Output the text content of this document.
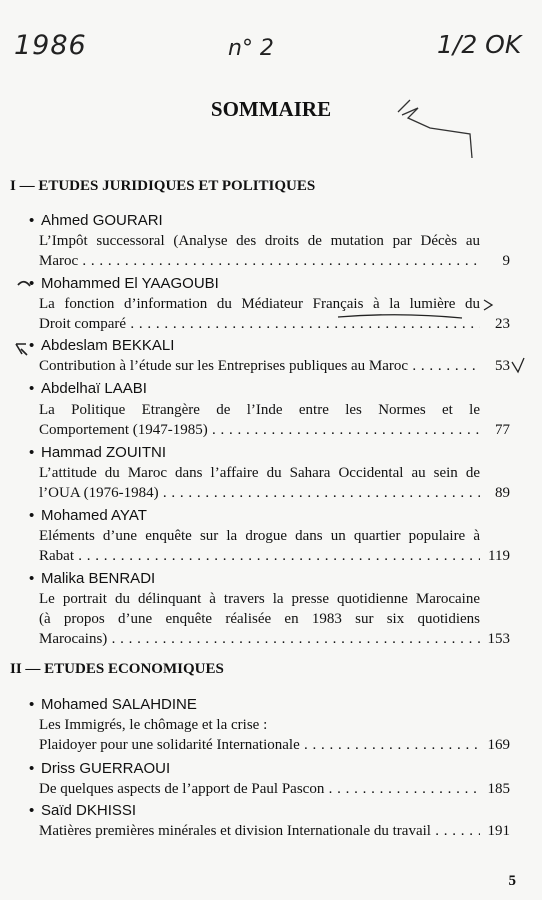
1986	n° 2	1/2 OK
SOMMAIRE
I — ETUDES JURIDIQUES ET POLITIQUES
• Ahmed GOURARI
L’Impôt successoral (Analyse des droits de mutation par Décès au
Maroc . . .	9
• Mohammed El YAAGOUBI
La fonction d’information du Médiateur Français à la lumière du
Droit comparé . . .	23
• Abdeslam BEKKALI
Contribution à l’étude sur les Entreprises publiques au Maroc . . .	53
• Abdelhaï LAABI
La Politique Etrangère de l’Inde entre les Normes et le
Comportement (1947-1985) . . .	77
• Hammad ZOUITNI
L’attitude du Maroc dans l’affaire du Sahara Occidental au sein de
l’OUA (1976-1984) . . .	89
• Mohamed AYAT
Eléments d’une enquête sur la drogue dans un quartier populaire à
Rabat . . .	119
• Malika BENRADI
Le portrait du délinquant à travers la presse quotidienne Marocaine
(à propos d’une enquête réalisée en 1983 sur six quotidiens
Marocains) . . .	153
II — ETUDES ECONOMIQUES
• Mohamed SALAHDINE
Les Immigrés, le chômage et la crise :
Plaidoyer pour une solidarité Internationale . . .	169
• Driss GUERRAOUI
De quelques aspects de l’apport de Paul Pascon . . .	185
• Saïd DKHISSI
Matières premières minérales et division Internationale du travail . . .	191
5
